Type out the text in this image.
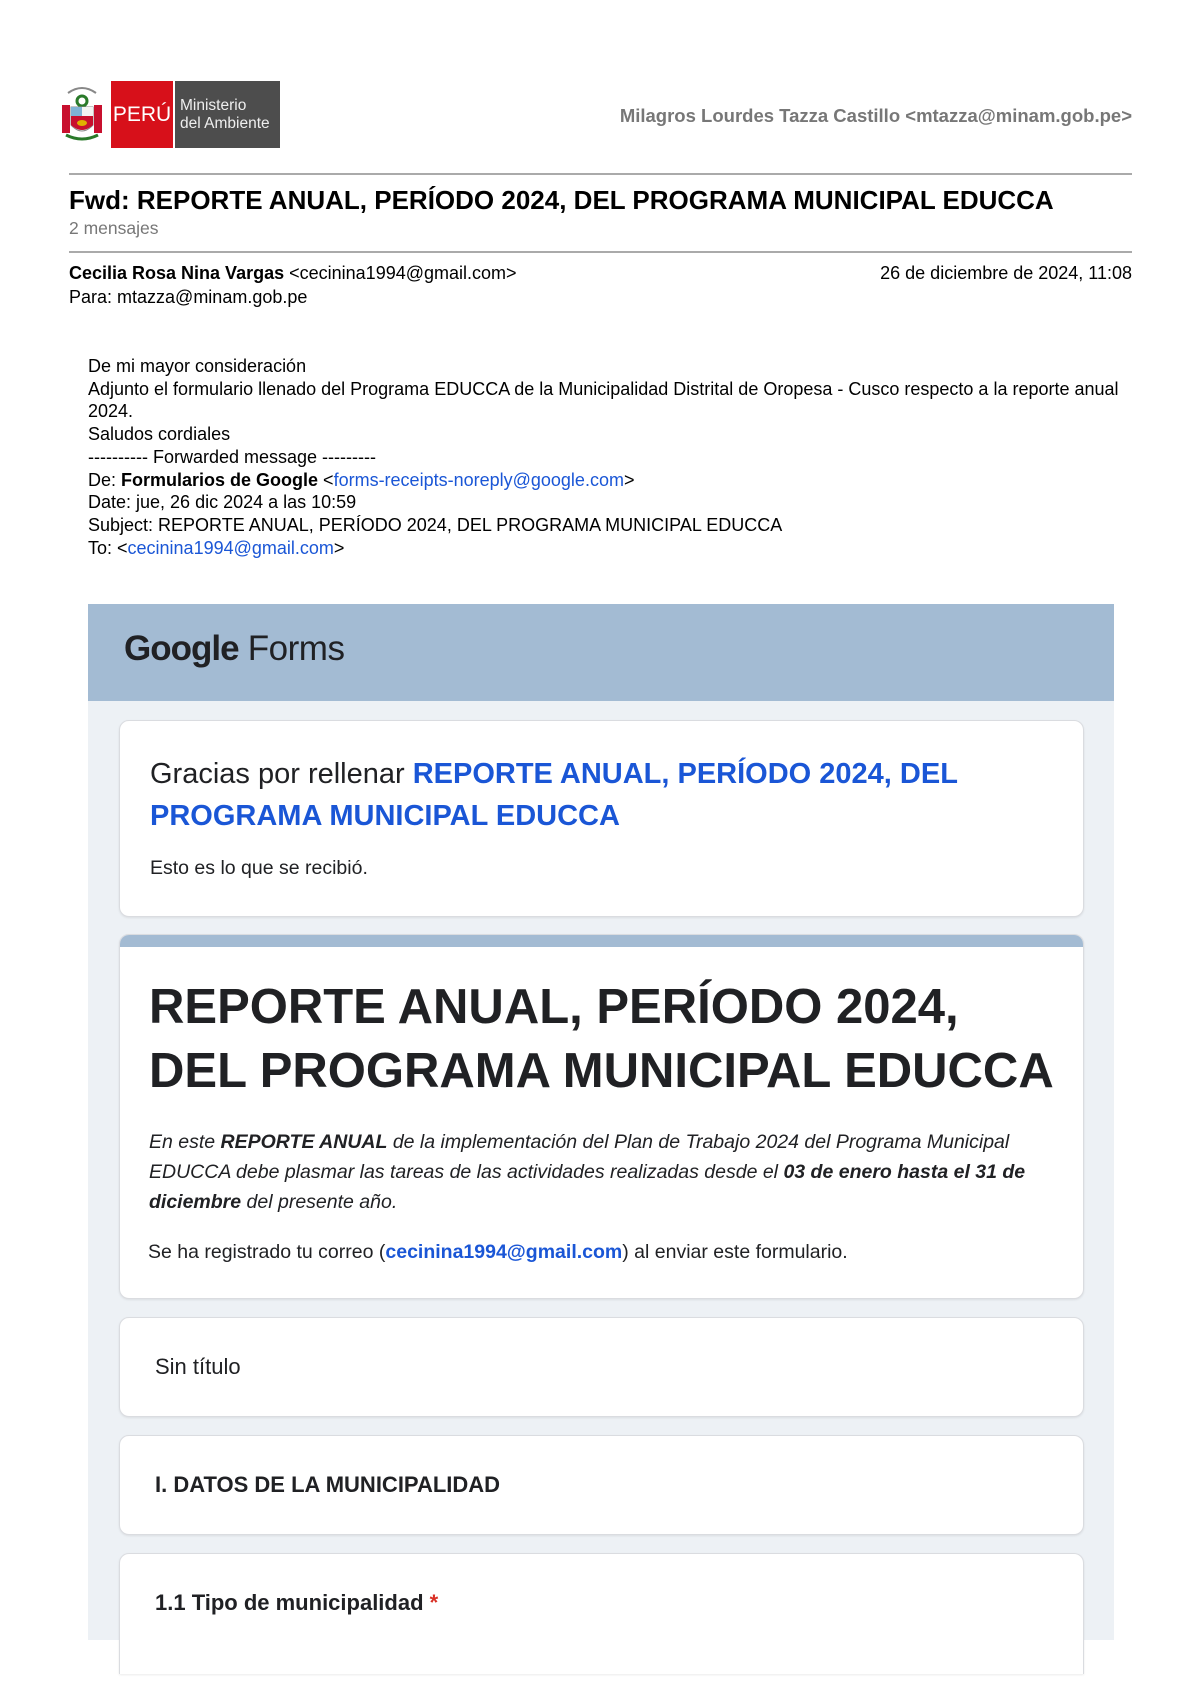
PERÚ Ministerio
del Ambiente	Milagros Lourdes Tazza Castillo <mtazza@minam.gob.pe>
Fwd: REPORTE ANUAL, PERÍODO 2024, DEL PROGRAMA MUNICIPAL EDUCCA
2 mensajes
Cecilia Rosa Nina Vargas <cecinina1994@gmail.com>
Para: mtazza@minam.gob.pe
26 de diciembre de 2024, 11:08
De mi mayor consideración
Adjunto el formulario llenado del Programa EDUCCA de la Municipalidad Distrital de Oropesa - Cusco respecto a la reporte anual 2024.
Saludos cordiales
---------- Forwarded message ---------
De: Formularios de Google <forms-receipts-noreply@google.com>
Date: jue, 26 dic 2024 a las 10:59
Subject: REPORTE ANUAL, PERÍODO 2024, DEL PROGRAMA MUNICIPAL EDUCCA
To: <cecinina1994@gmail.com>
Google Forms
Gracias por rellenar REPORTE ANUAL, PERÍODO 2024, DEL PROGRAMA MUNICIPAL EDUCCA
Esto es lo que se recibió.
REPORTE ANUAL, PERÍODO 2024, DEL PROGRAMA MUNICIPAL EDUCCA
En este REPORTE ANUAL de la implementación del Plan de Trabajo 2024 del Programa Municipal EDUCCA debe plasmar las tareas de las actividades realizadas desde el 03 de enero hasta el 31 de diciembre del presente año.
Se ha registrado tu correo (cecinina1994@gmail.com) al enviar este formulario.
Sin título
I. DATOS DE LA MUNICIPALIDAD
1.1 Tipo de municipalidad *
